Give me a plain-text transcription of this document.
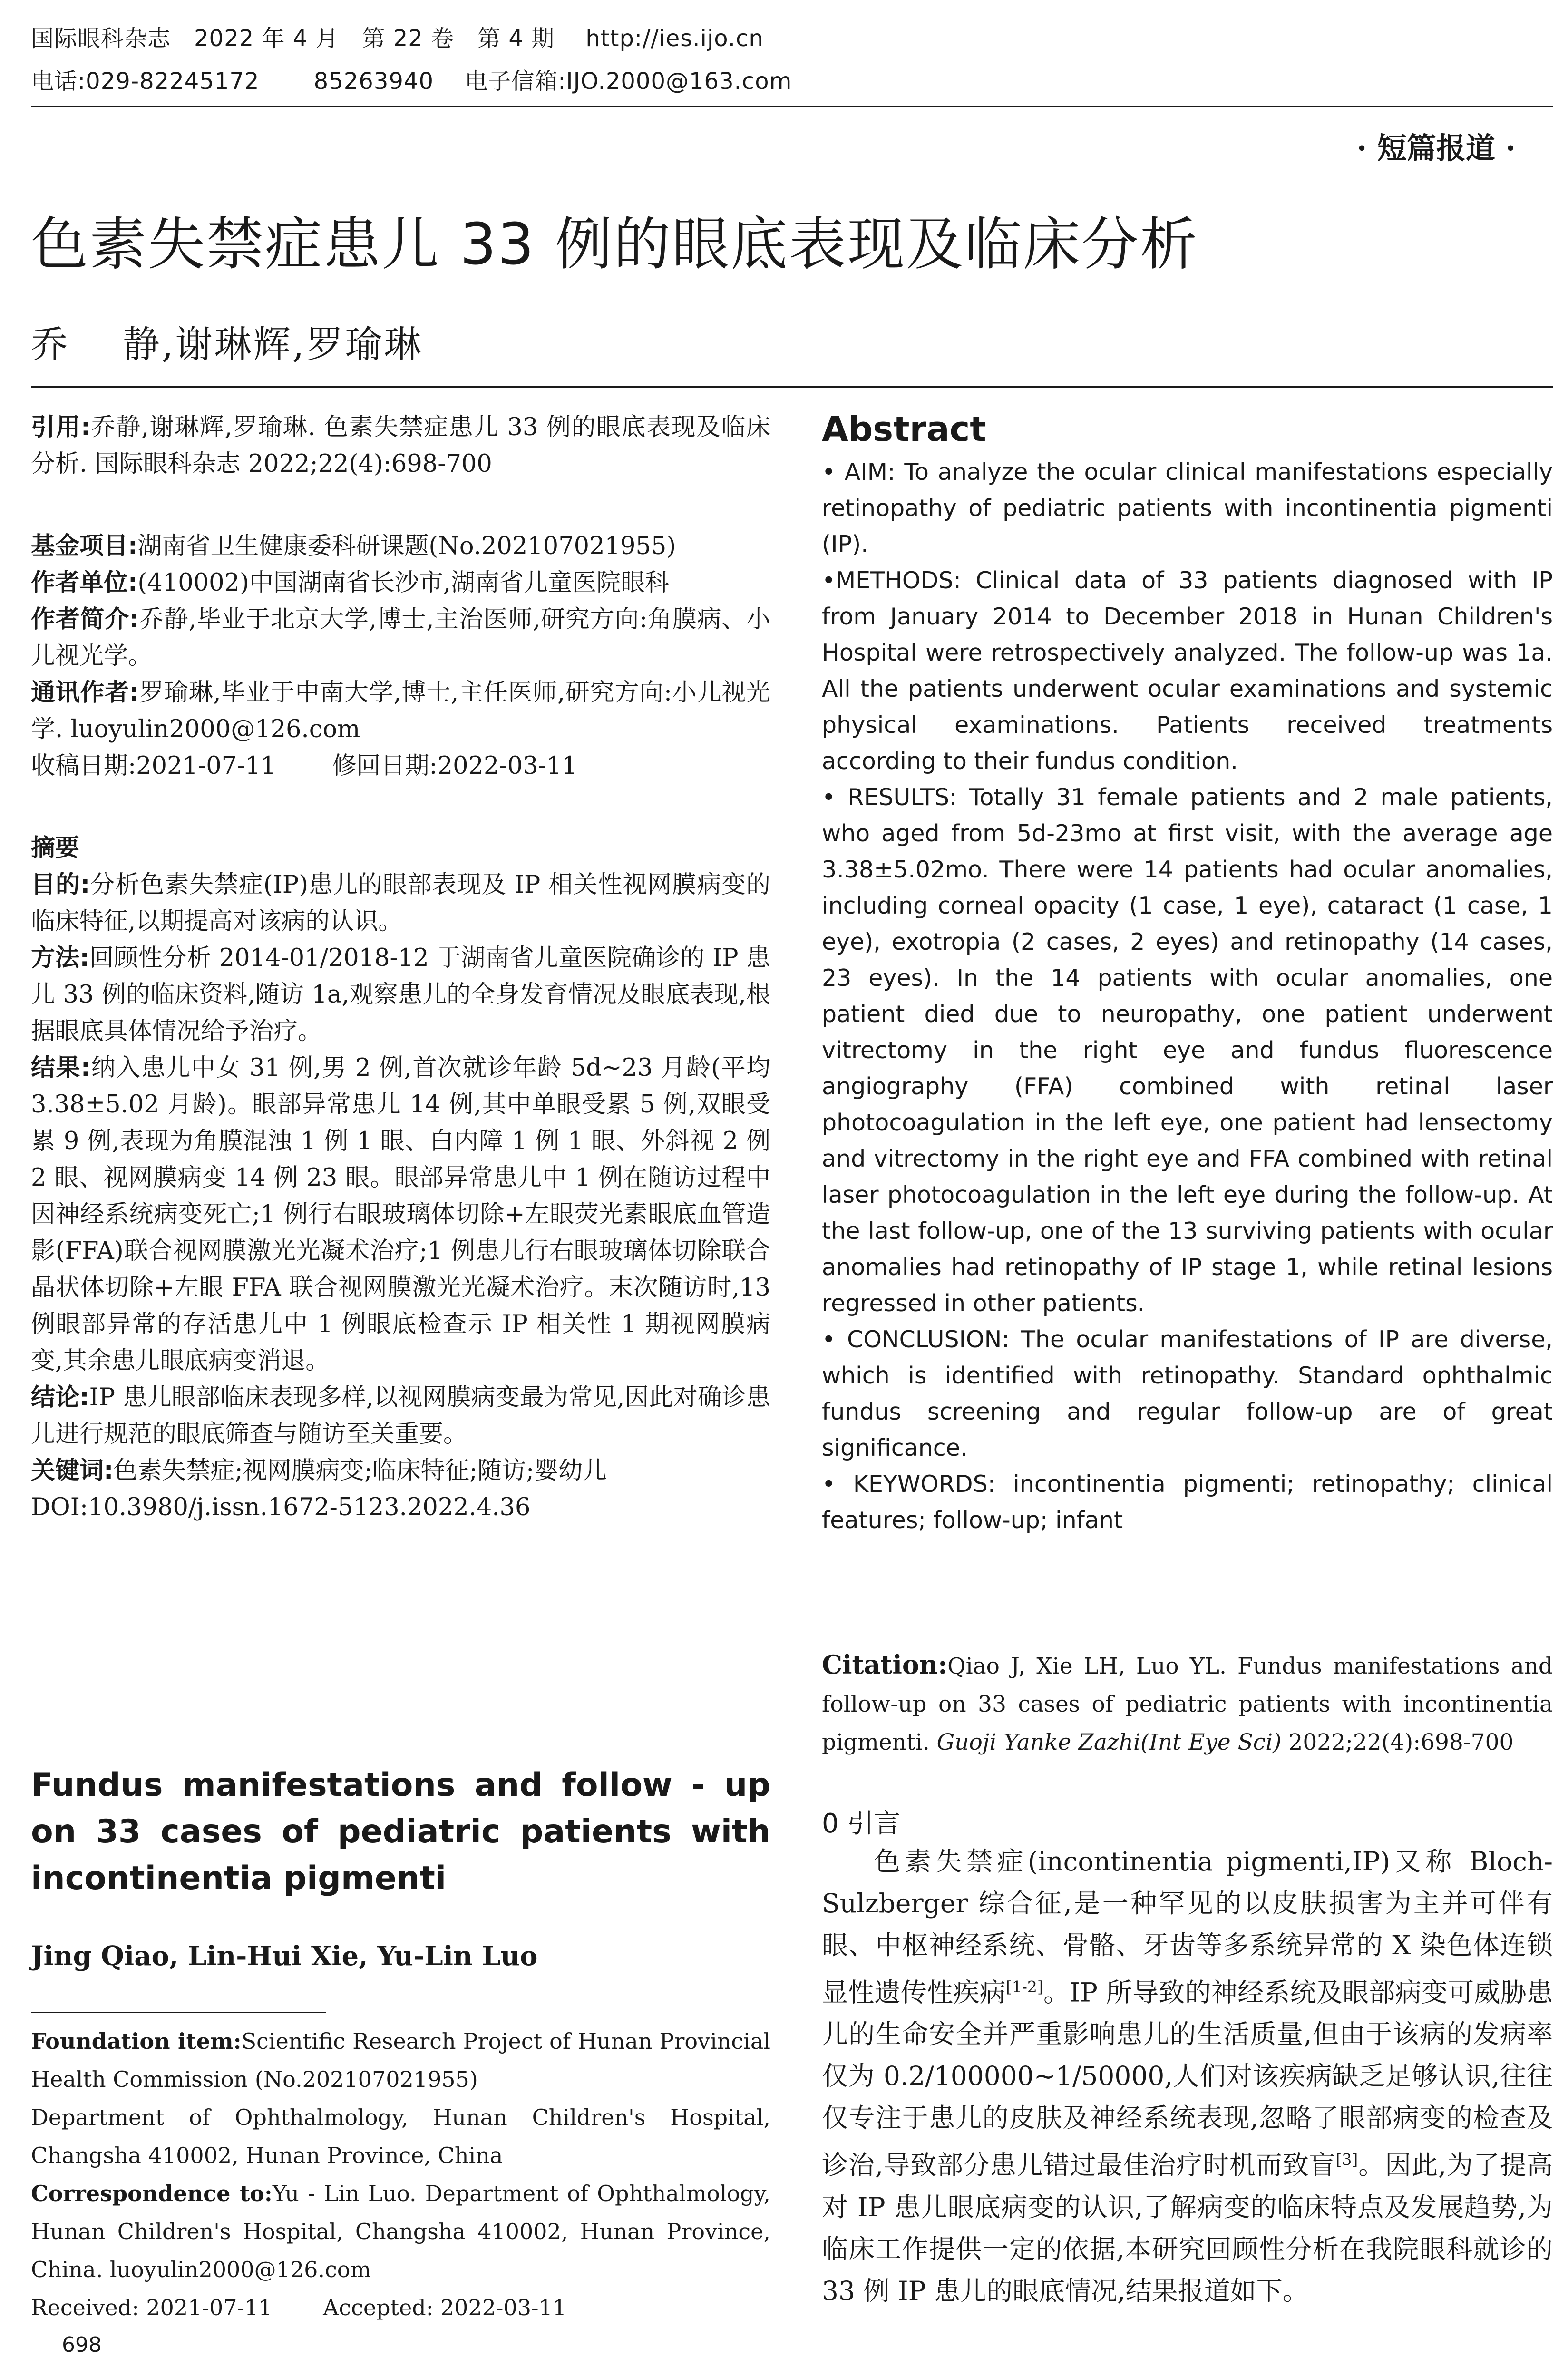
国际眼科杂志　2022 年 4 月　第 22 卷　第 4 期　 http://ies.ijo.cn
电话:029-82245172　　 85263940　 电子信箱:IJO.2000@163.com
· 短篇报道 ·
色素失禁症患儿 33 例的眼底表现及临床分析
乔　 静,谢琳辉,罗瑜琳

引用:乔静,谢琳辉,罗瑜琳. 色素失禁症患儿 33 例的眼底表现及临床分析. 国际眼科杂志 2022;22(4):698-700

基金项目:湖南省卫生健康委科研课题(No.202107021955)

作者单位:(410002)中国湖南省长沙市,湖南省儿童医院眼科

作者简介:乔静,毕业于北京大学,博士,主治医师,研究方向:角膜病、小儿视光学。

通讯作者:罗瑜琳,毕业于中南大学,博士,主任医师,研究方向:小儿视光学. luoyulin2000@126.com

收稿日期:2021-07-11　　 修回日期:2022-03-11

摘要

目的:分析色素失禁症(IP)患儿的眼部表现及 IP 相关性视网膜病变的临床特征,以期提高对该病的认识。

方法:回顾性分析 2014-01/2018-12 于湖南省儿童医院确诊的 IP 患儿 33 例的临床资料,随访 1a,观察患儿的全身发育情况及眼底表现,根据眼底具体情况给予治疗。

结果:纳入患儿中女 31 例,男 2 例,首次就诊年龄 5d~23 月龄(平均 3.38±5.02 月龄)。眼部异常患儿 14 例,其中单眼受累 5 例,双眼受累 9 例,表现为角膜混浊 1 例 1 眼、白内障 1 例 1 眼、外斜视 2 例 2 眼、视网膜病变 14 例 23 眼。眼部异常患儿中 1 例在随访过程中因神经系统病变死亡;1 例行右眼玻璃体切除+左眼荧光素眼底血管造影(FFA)联合视网膜激光光凝术治疗;1 例患儿行右眼玻璃体切除联合晶状体切除+左眼 FFA 联合视网膜激光光凝术治疗。末次随访时,13 例眼部异常的存活患儿中 1 例眼底检查示 IP 相关性 1 期视网膜病变,其余患儿眼底病变消退。

结论:IP 患儿眼部临床表现多样,以视网膜病变最为常见,因此对确诊患儿进行规范的眼底筛查与随访至关重要。

关键词:色素失禁症;视网膜病变;临床特征;随访;婴幼儿

DOI:10.3980/j.issn.1672-5123.2022.4.36

Fundus manifestations and follow - up on 33 cases of pediatric patients with incontinentia pigmenti
Jing Qiao, Lin-Hui Xie, Yu-Lin Luo

Foundation item:Scientific Research Project of Hunan Provincial Health Commission (No.202107021955)

Department of Ophthalmology, Hunan Children's Hospital, Changsha 410002, Hunan Province, China

Correspondence to:Yu - Lin Luo. Department of Ophthalmology, Hunan Children's Hospital, Changsha 410002, Hunan Province, China. luoyulin2000@126.com

Received: 2021-07-11　　 Accepted: 2022-03-11

698
Abstract

• AIM: To analyze the ocular clinical manifestations especially retinopathy of pediatric patients with incontinentia pigmenti (IP).

•METHODS: Clinical data of 33 patients diagnosed with IP from January 2014 to December 2018 in Hunan Children's Hospital were retrospectively analyzed. The follow-up was 1a. All the patients underwent ocular examinations and systemic physical examinations. Patients received treatments according to their fundus condition.

• RESULTS: Totally 31 female patients and 2 male patients, who aged from 5d-23mo at first visit, with the average age 3.38±5.02mo. There were 14 patients had ocular anomalies, including corneal opacity (1 case, 1 eye), cataract (1 case, 1 eye), exotropia (2 cases, 2 eyes) and retinopathy (14 cases, 23 eyes). In the 14 patients with ocular anomalies, one patient died due to neuropathy, one patient underwent vitrectomy in the right eye and fundus fluorescence angiography (FFA) combined with retinal laser photocoagulation in the left eye, one patient had lensectomy and vitrectomy in the right eye and FFA combined with retinal laser photocoagulation in the left eye during the follow-up. At the last follow-up, one of the 13 surviving patients with ocular anomalies had retinopathy of IP stage 1, while retinal lesions regressed in other patients.

• CONCLUSION: The ocular manifestations of IP are diverse, which is identified with retinopathy. Standard ophthalmic fundus screening and regular follow-up are of great significance.

• KEYWORDS: incontinentia pigmenti; retinopathy; clinical features; follow-up; infant

Citation:Qiao J, Xie LH, Luo YL. Fundus manifestations and follow-up on 33 cases of pediatric patients with incontinentia pigmenti. Guoji Yanke Zazhi(Int Eye Sci) 2022;22(4):698-700
0 引言
色素失禁症(incontinentia pigmenti,IP)又称 Bloch-Sulzberger 综合征,是一种罕见的以皮肤损害为主并可伴有眼、中枢神经系统、骨骼、牙齿等多系统异常的 X 染色体连锁显性遗传性疾病[1-2]。IP 所导致的神经系统及眼部病变可威胁患儿的生命安全并严重影响患儿的生活质量,但由于该病的发病率仅为 0.2/100000~1/50000,人们对该疾病缺乏足够认识,往往仅专注于患儿的皮肤及神经系统表现,忽略了眼部病变的检查及诊治,导致部分患儿错过最佳治疗时机而致盲[3]。因此,为了提高对 IP 患儿眼底病变的认识,了解病变的临床特点及发展趋势,为临床工作提供一定的依据,本研究回顾性分析在我院眼科就诊的 33 例 IP 患儿的眼底情况,结果报道如下。
